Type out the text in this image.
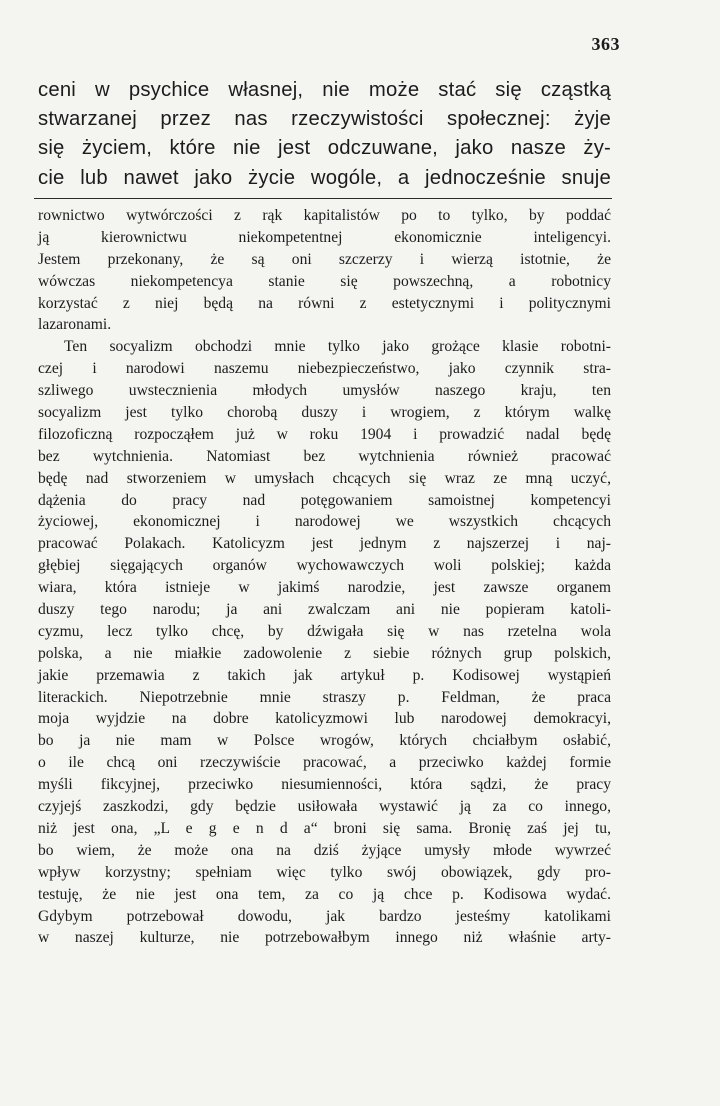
363
ceni w psychice własnej, nie może stać się cząstką
stwarzanej przez nas rzeczywistości społecznej: żyje
się życiem, które nie jest odczuwane, jako nasze ży-
cie lub nawet jako życie wogóle, a jednocześnie snuje
rownictwo wytwórczości z rąk kapitalistów po to tylko, by poddać
ją kierownictwu niekompetentnej ekonomicznie inteligencyi.
Jestem przekonany, że są oni szczerzy i wierzą istotnie, że
wówczas niekompetencya stanie się powszechną, a robotnicy
korzystać z niej będą na równi z estetycznymi i politycznymi
lazaronami.
Ten socyalizm obchodzi mnie tylko jako grożące klasie robotni-
czej i narodowi naszemu niebezpieczeństwo, jako czynnik stra-
szliwego uwstecznienia młodych umysłów naszego kraju, ten
socyalizm jest tylko chorobą duszy i wrogiem, z którym walkę
filozoficzną rozpocząłem już w roku 1904 i prowadzić nadal będę
bez wytchnienia. Natomiast bez wytchnienia również pracować
będę nad stworzeniem w umysłach chcących się wraz ze mną uczyć,
dążenia do pracy nad potęgowaniem samoistnej kompetencyi
życiowej, ekonomicznej i narodowej we wszystkich chcących
pracować Polakach. Katolicyzm jest jednym z najszerzej i naj-
głębiej sięgających organów wychowawczych woli polskiej; każda
wiara, która istnieje w jakimś narodzie, jest zawsze organem
duszy tego narodu; ja ani zwalczam ani nie popieram katoli-
cyzmu, lecz tylko chcę, by dźwigała się w nas rzetelna wola
polska, a nie miałkie zadowolenie z siebie różnych grup polskich,
jakie przemawia z takich jak artykuł p. Kodisowej wystąpień
literackich. Niepotrzebnie mnie straszy p. Feldman, że praca
moja wyjdzie na dobre katolicyzmowi lub narodowej demokracyi,
bo ja nie mam w Polsce wrogów, których chciałbym osłabić,
o ile chcą oni rzeczywiście pracować, a przeciwko każdej formie
myśli fikcyjnej, przeciwko niesumienności, która sądzi, że pracy
czyjejś zaszkodzi, gdy będzie usiłowała wystawić ją za co innego,
niż jest ona, „L e g e n d a“ broni się sama. Bronię zaś jej tu,
bo wiem, że może ona na dziś żyjące umysły młode wywrzeć
wpływ korzystny; spełniam więc tylko swój obowiązek, gdy pro-
testuję, że nie jest ona tem, za co ją chce p. Kodisowa wydać.
Gdybym potrzebował dowodu, jak bardzo jesteśmy katolikami
w naszej kulturze, nie potrzebowałbym innego niż właśnie arty-
